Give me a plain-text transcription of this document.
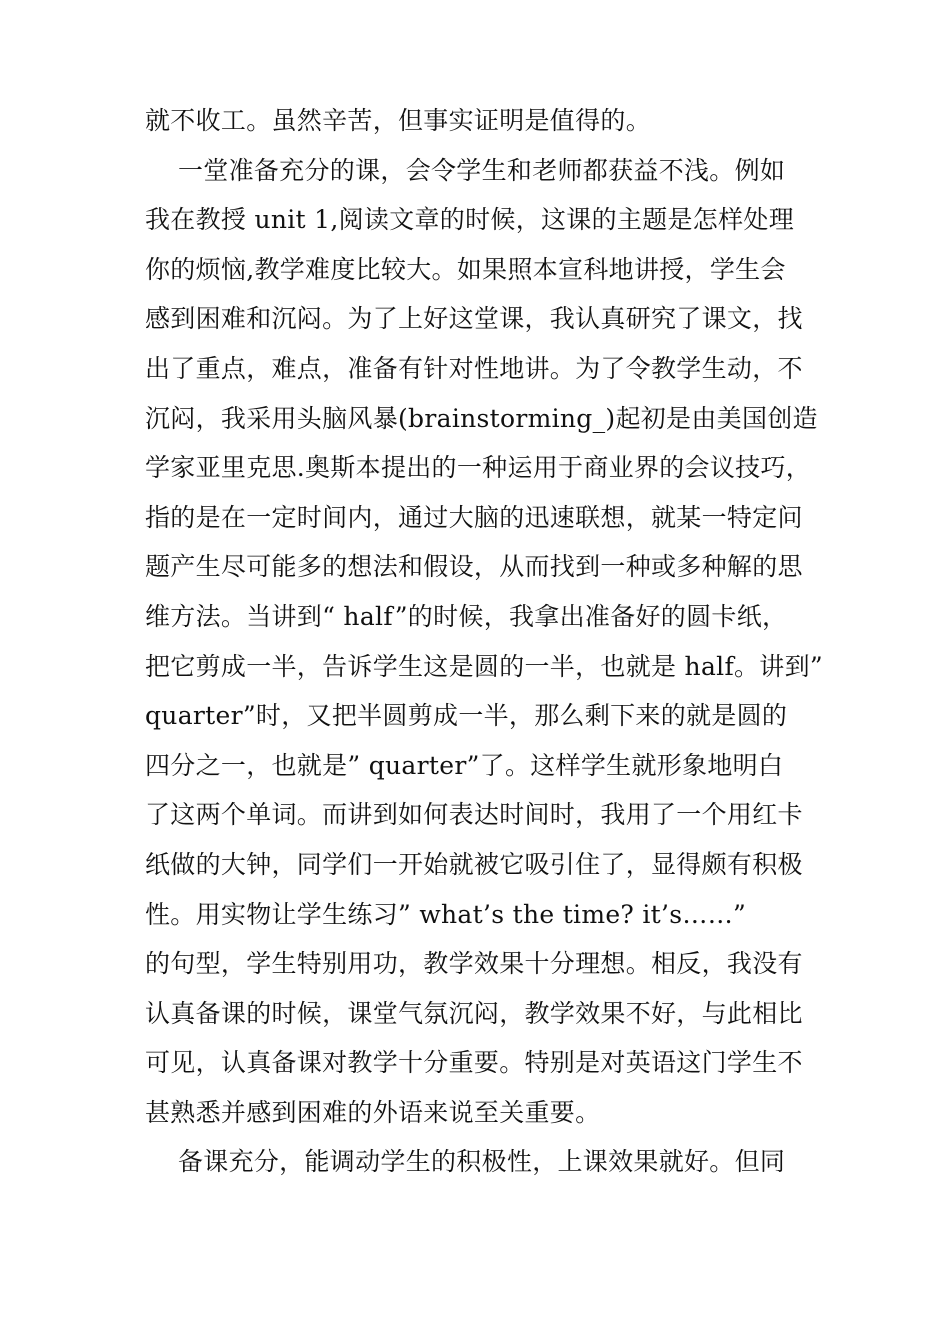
就不收工。虽然辛苦，但事实证明是值得的。
一堂准备充分的课，会令学生和老师都获益不浅。例如
我在教授 unit 1,阅读文章的时候，这课的主题是怎样处理
你的烦恼,教学难度比较大。如果照本宣科地讲授，学生会
感到困难和沉闷。为了上好这堂课，我认真研究了课文，找
出了重点，难点，准备有针对性地讲。为了令教学生动，不
沉闷，我采用头脑风暴(brainstorming_)起初是由美国创造
学家亚里克思.奥斯本提出的一种运用于商业界的会议技巧，
指的是在一定时间内，通过大脑的迅速联想，就某一特定问
题产生尽可能多的想法和假设，从而找到一种或多种解的思
维方法。当讲到“ half”的时候，我拿出准备好的圆卡纸，
把它剪成一半，告诉学生这是圆的一半，也就是 half。讲到”
quarter”时，又把半圆剪成一半，那么剩下来的就是圆的
四分之一，也就是” quarter”了。这样学生就形象地明白
了这两个单词。而讲到如何表达时间时，我用了一个用红卡
纸做的大钟，同学们一开始就被它吸引住了，显得颇有积极
性。用实物让学生练习” what’s the time? it’s……”
的句型，学生特别用功，教学效果十分理想。相反，我没有
认真备课的时候，课堂气氛沉闷，教学效果不好，与此相比
可见，认真备课对教学十分重要。特别是对英语这门学生不
甚熟悉并感到困难的外语来说至关重要。
备课充分，能调动学生的积极性，上课效果就好。但同
